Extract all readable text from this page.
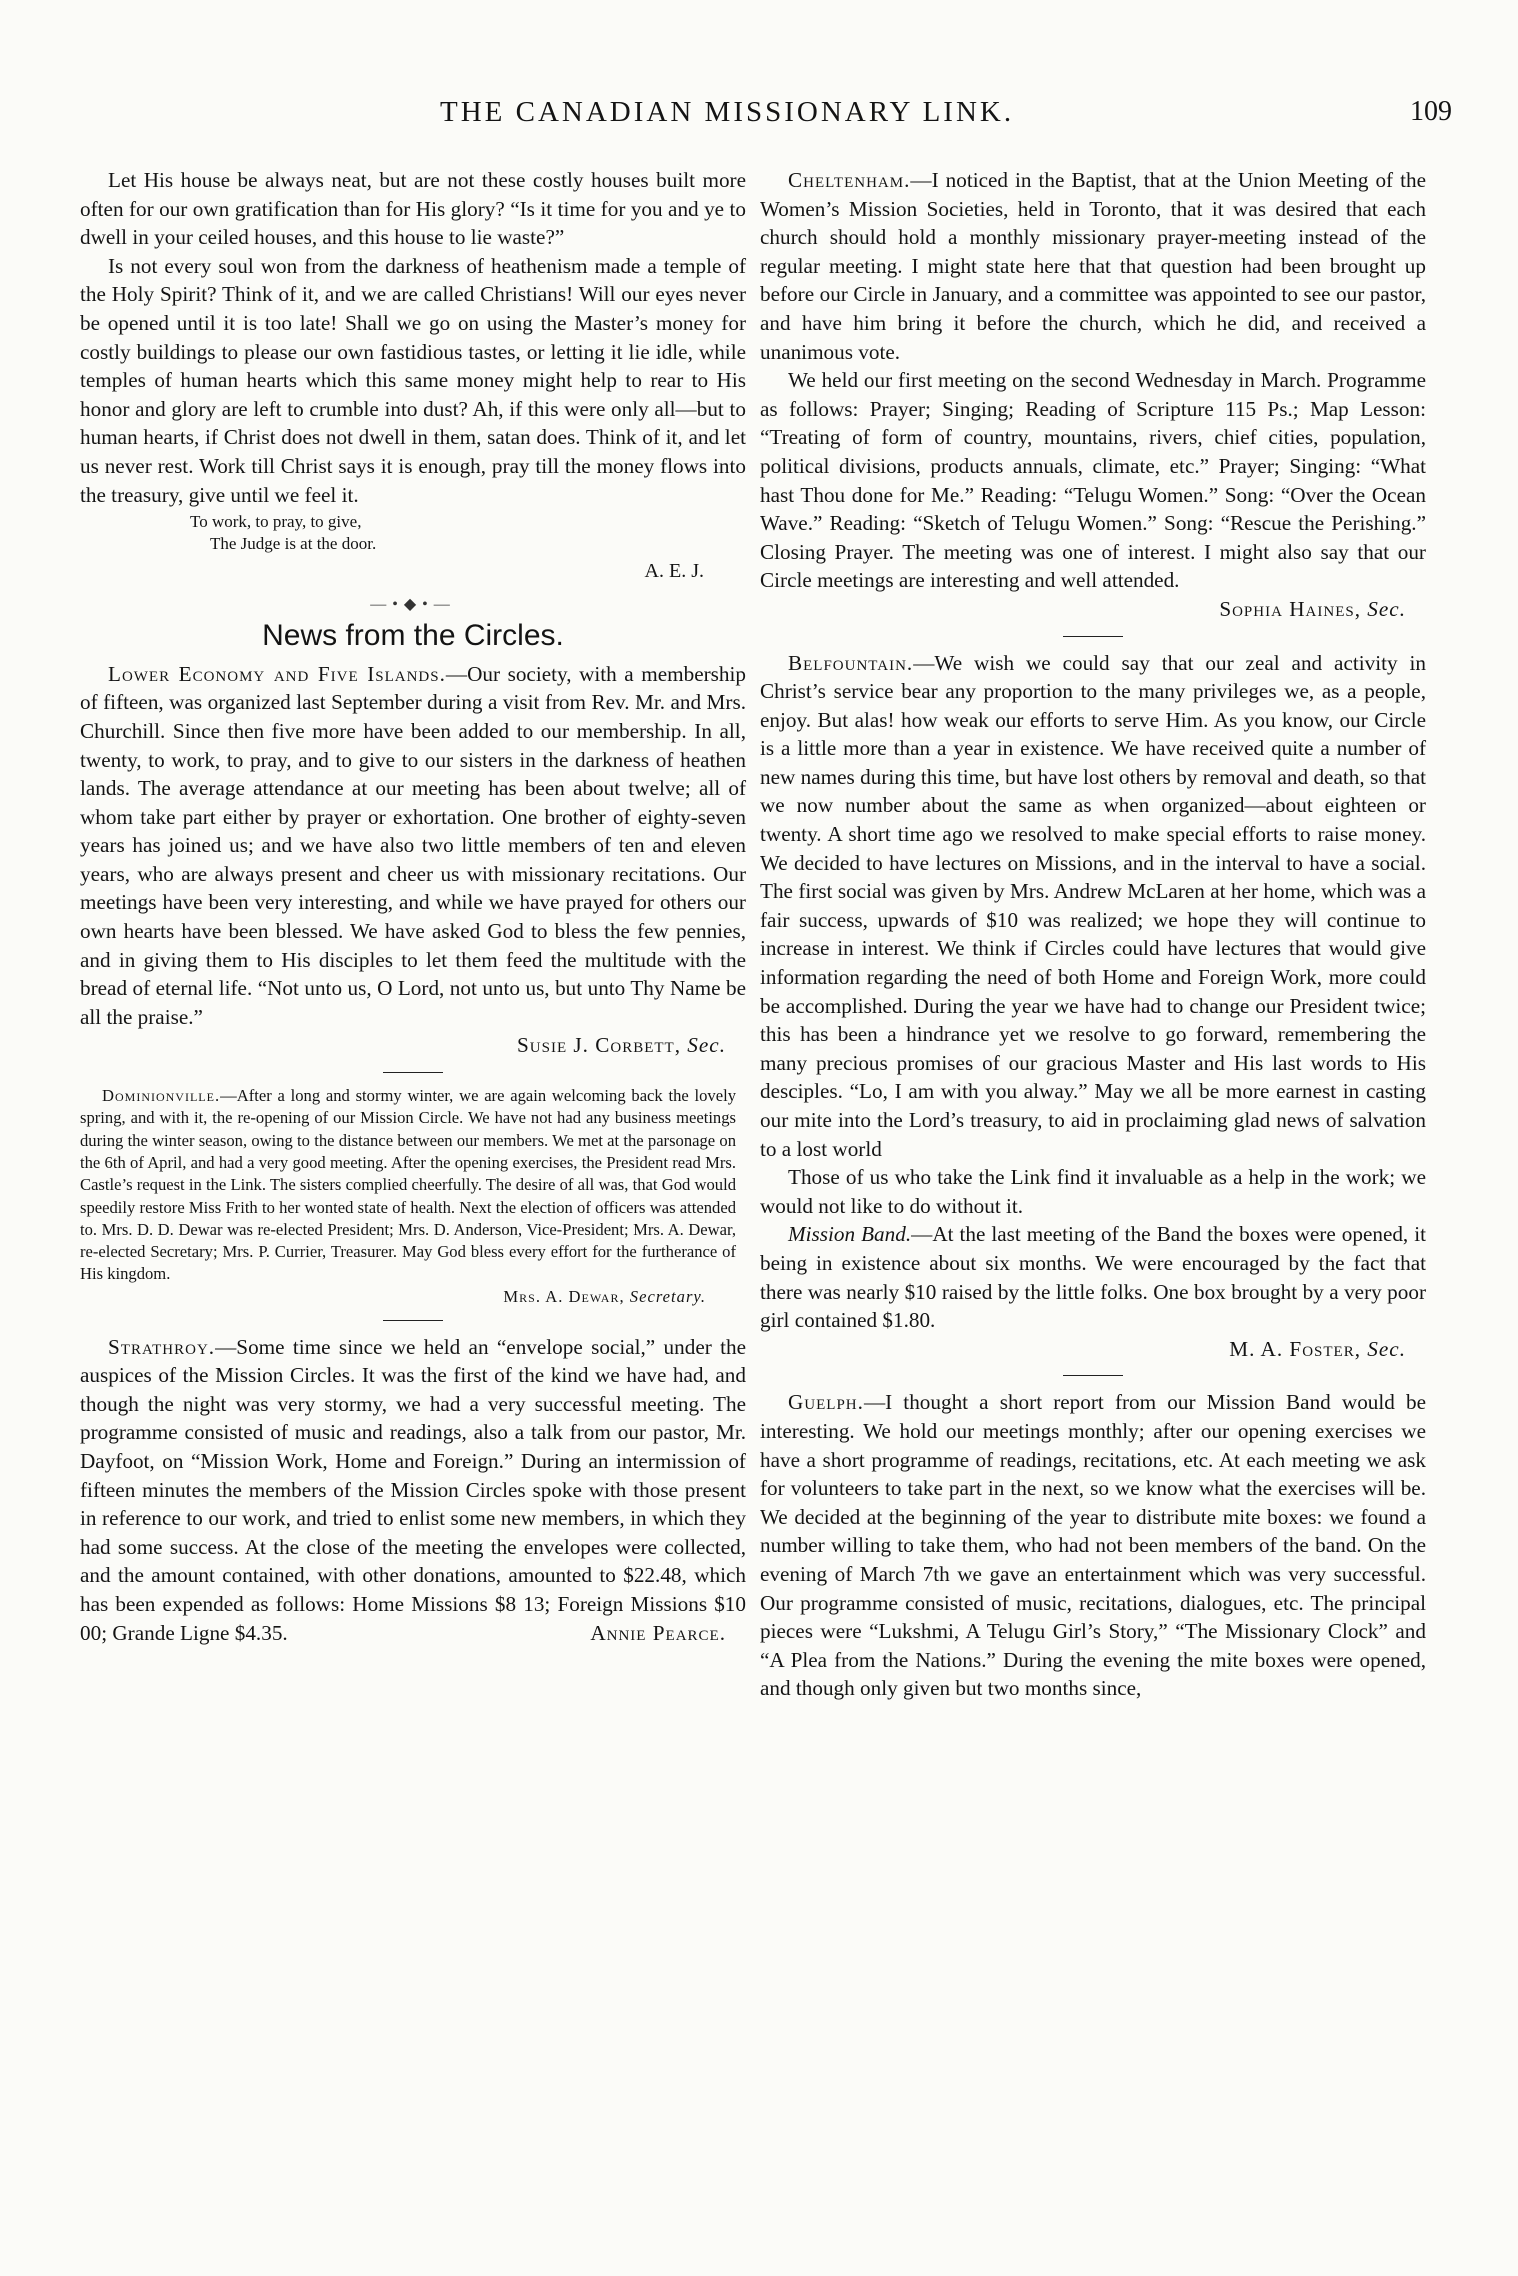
THE CANADIAN MISSIONARY LINK.	109

Let His house be always neat, but are not these costly houses built more often for our own gratification than for His glory? “Is it time for you and ye to dwell in your ceiled houses, and this house to lie waste?”

Is not every soul won from the darkness of heathenism made a temple of the Holy Spirit? Think of it, and we are called Christians! Will our eyes never be opened until it is too late! Shall we go on using the Master’s money for costly buildings to please our own fastidious tastes, or letting it lie idle, while temples of human hearts which this same money might help to rear to His honor and glory are left to crumble into dust? Ah, if this were only all—but to human hearts, if Christ does not dwell in them, satan does. Think of it, and let us never rest. Work till Christ says it is enough, pray till the money flows into the treasury, give until we feel it.

To work, to pray, to give,
The Judge is at the door.

A. E. J.

—•◆•—
News from the Circles.

Lower Economy and Five Islands.—Our society, with a membership of fifteen, was organized last September during a visit from Rev. Mr. and Mrs. Churchill. Since then five more have been added to our membership. In all, twenty, to work, to pray, and to give to our sisters in the darkness of heathen lands. The average attendance at our meeting has been about twelve; all of whom take part either by prayer or exhortation. One brother of eighty-seven years has joined us; and we have also two little members of ten and eleven years, who are always present and cheer us with missionary recitations. Our meetings have been very interesting, and while we have prayed for others our own hearts have been blessed. We have asked God to bless the few pennies, and in giving them to His disciples to let them feed the multitude with the bread of eternal life. “Not unto us, O Lord, not unto us, but unto Thy Name be all the praise.”

Susie J. Corbett, Sec.

Dominionville.—After a long and stormy winter, we are again welcoming back the lovely spring, and with it, the re-opening of our Mission Circle. We have not had any business meetings during the winter season, owing to the distance between our members. We met at the parsonage on the 6th of April, and had a very good meeting. After the opening exercises, the President read Mrs. Castle’s request in the Link. The sisters complied cheerfully. The desire of all was, that God would speedily restore Miss Frith to her wonted state of health. Next the election of officers was attended to. Mrs. D. D. Dewar was re-elected President; Mrs. D. Anderson, Vice-President; Mrs. A. Dewar, re-elected Secretary; Mrs. P. Currier, Treasurer. May God bless every effort for the furtherance of His kingdom.

Mrs. A. Dewar, Secretary.

Strathroy.—Some time since we held an “envelope social,” under the auspices of the Mission Circles. It was the first of the kind we have had, and though the night was very stormy, we had a very successful meeting. The programme consisted of music and readings, also a talk from our pastor, Mr. Dayfoot, on “Mission Work, Home and Foreign.” During an intermission of fifteen minutes the members of the Mission Circles spoke with those present in reference to our work, and tried to enlist some new members, in which they had some success. At the close of the meeting the envelopes were collected, and the amount contained, with other donations, amounted to $22.48, which has been expended as follows: Home Missions $8 13; Foreign Missions $10 00; Grande Ligne $4.35.	Annie Pearce.

Cheltenham.—I noticed in the Baptist, that at the Union Meeting of the Women’s Mission Societies, held in Toronto, that it was desired that each church should hold a monthly missionary prayer-meeting instead of the regular meeting. I might state here that that question had been brought up before our Circle in January, and a committee was appointed to see our pastor, and have him bring it before the church, which he did, and received a unanimous vote.

We held our first meeting on the second Wednesday in March. Programme as follows: Prayer; Singing; Reading of Scripture 115 Ps.; Map Lesson: “Treating of form of country, mountains, rivers, chief cities, population, political divisions, products annuals, climate, etc.” Prayer; Singing: “What hast Thou done for Me.” Reading: “Telugu Women.” Song: “Over the Ocean Wave.” Reading: “Sketch of Telugu Women.” Song: “Rescue the Perishing.” Closing Prayer. The meeting was one of interest. I might also say that our Circle meetings are interesting and well attended.

Sophia Haines, Sec.

Belfountain.—We wish we could say that our zeal and activity in Christ’s service bear any proportion to the many privileges we, as a people, enjoy. But alas! how weak our efforts to serve Him. As you know, our Circle is a little more than a year in existence. We have received quite a number of new names during this time, but have lost others by removal and death, so that we now number about the same as when organized—about eighteen or twenty. A short time ago we resolved to make special efforts to raise money. We decided to have lectures on Missions, and in the interval to have a social. The first social was given by Mrs. Andrew McLaren at her home, which was a fair success, upwards of $10 was realized; we hope they will continue to increase in interest. We think if Circles could have lectures that would give information regarding the need of both Home and Foreign Work, more could be accomplished. During the year we have had to change our President twice; this has been a hindrance yet we resolve to go forward, remembering the many precious promises of our gracious Master and His last words to His desciples. “Lo, I am with you alway.” May we all be more earnest in casting our mite into the Lord’s treasury, to aid in proclaiming glad news of salvation to a lost world

Those of us who take the Link find it invaluable as a help in the work; we would not like to do without it.

Mission Band.—At the last meeting of the Band the boxes were opened, it being in existence about six months. We were encouraged by the fact that there was nearly $10 raised by the little folks. One box brought by a very poor girl contained $1.80.

M. A. Foster, Sec.

Guelph.—I thought a short report from our Mission Band would be interesting. We hold our meetings monthly; after our opening exercises we have a short programme of readings, recitations, etc. At each meeting we ask for volunteers to take part in the next, so we know what the exercises will be. We decided at the beginning of the year to distribute mite boxes: we found a number willing to take them, who had not been members of the band. On the evening of March 7th we gave an entertainment which was very successful. Our programme consisted of music, recitations, dialogues, etc. The principal pieces were “Lukshmi, A Telugu Girl’s Story,” “The Missionary Clock” and “A Plea from the Nations.” During the evening the mite boxes were opened, and though only given but two months since,
